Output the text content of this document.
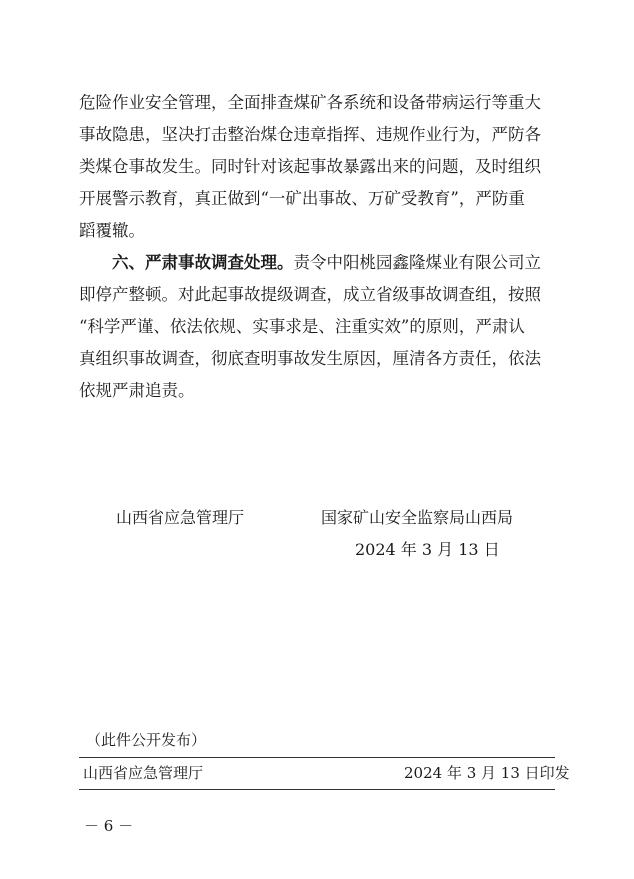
危险作业安全管理，全面排查煤矿各系统和设备带病运行等重大
事故隐患，坚决打击整治煤仓违章指挥、违规作业行为，严防各
类煤仓事故发生。同时针对该起事故暴露出来的问题，及时组织
开展警示教育，真正做到“一矿出事故、万矿受教育”，严防重
蹈覆辙。
六、严肃事故调查处理。责令中阳桃园鑫隆煤业有限公司立
即停产整顿。对此起事故提级调查，成立省级事故调查组，按照
“科学严谨、依法依规、实事求是、注重实效”的原则，严肃认
真组织事故调查，彻底查明事故发生原因，厘清各方责任，依法
依规严肃追责。
山西省应急管理厅	国家矿山安全监察局山西局
2024 年 3 月 13 日
（此件公开发布）
山西省应急管理厅	2024 年 3 月 13 日印发
－ 6 －
